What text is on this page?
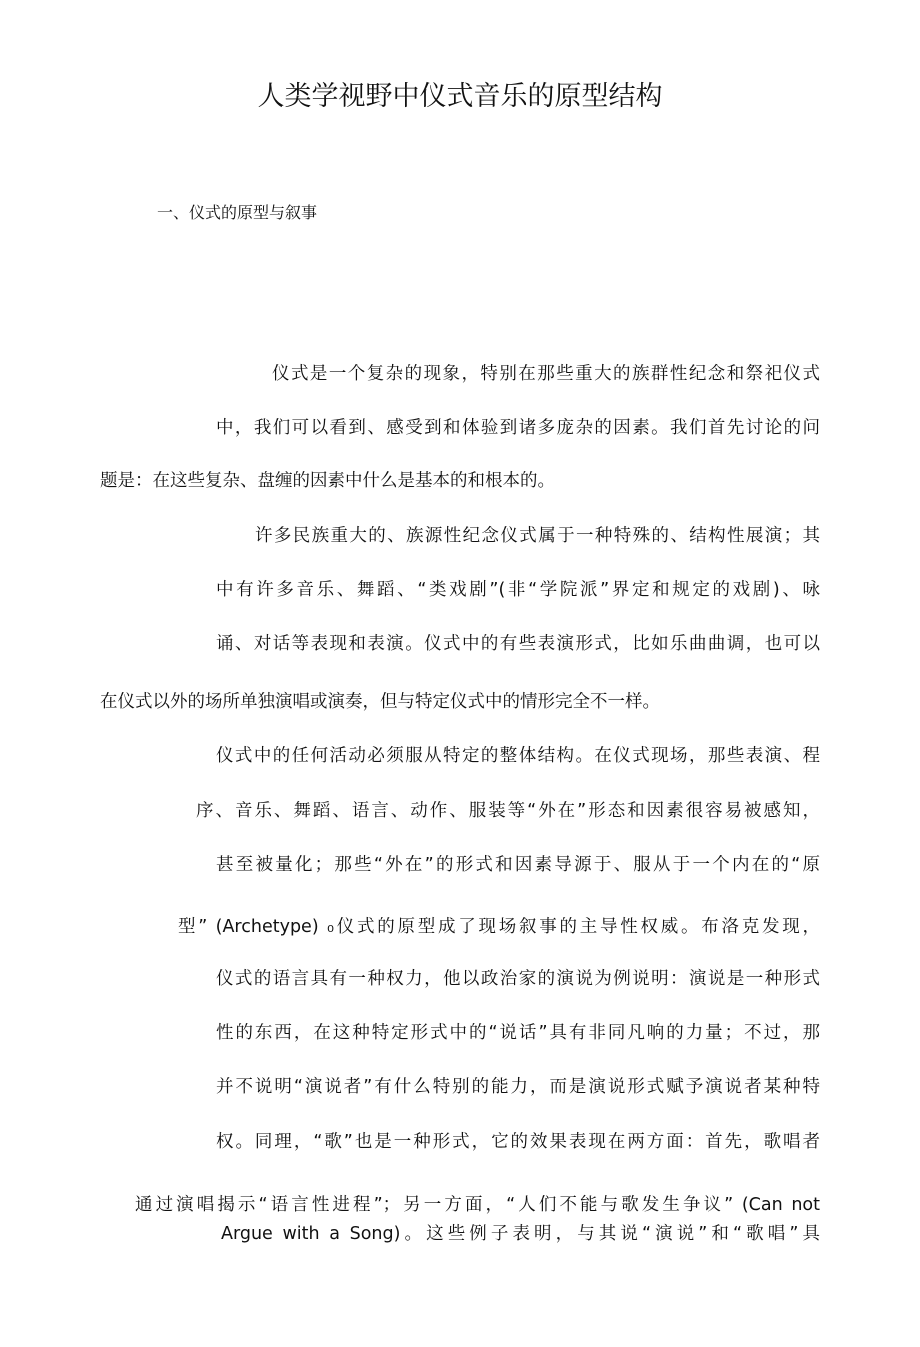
人类学视野中仪式音乐的原型结构
一、仪式的原型与叙事
仪式是一个复杂的现象，特别在那些重大的族群性纪念和祭祀仪式
中，我们可以看到、感受到和体验到诸多庞杂的因素。我们首先讨论的问
题是：在这些复杂、盘缠的因素中什么是基本的和根本的。
许多民族重大的、族源性纪念仪式属于一种特殊的、结构性展演；其
中有许多音乐、舞蹈、“类戏剧”(非“学院派”界定和规定的戏剧)、咏
诵、对话等表现和表演。仪式中的有些表演形式，比如乐曲曲调，也可以
在仪式以外的场所单独演唱或演奏，但与特定仪式中的情形完全不一样。
仪式中的任何活动必须服从特定的整体结构。在仪式现场，那些表演、程
序、音乐、舞蹈、语言、动作、服装等“外在”形态和因素很容易被感知，
甚至被量化；那些“外在”的形式和因素导源于、服从于一个内在的“原
型” (Archetype) ₀仪式的原型成了现场叙事的主导性权威。布洛克发现，
仪式的语言具有一种权力，他以政治家的演说为例说明：演说是一种形式
性的东西，在这种特定形式中的“说话”具有非同凡响的力量；不过，那
并不说明“演说者”有什么特别的能力，而是演说形式赋予演说者某种特
权。同理，“歌”也是一种形式，它的效果表现在两方面：首先，歌唱者
通过演唱揭示“语言性进程”；另一方面，“人们不能与歌发生争议” (Can not
Argue with a Song)。这些例子表明，与其说“演说”和“歌唱”具
